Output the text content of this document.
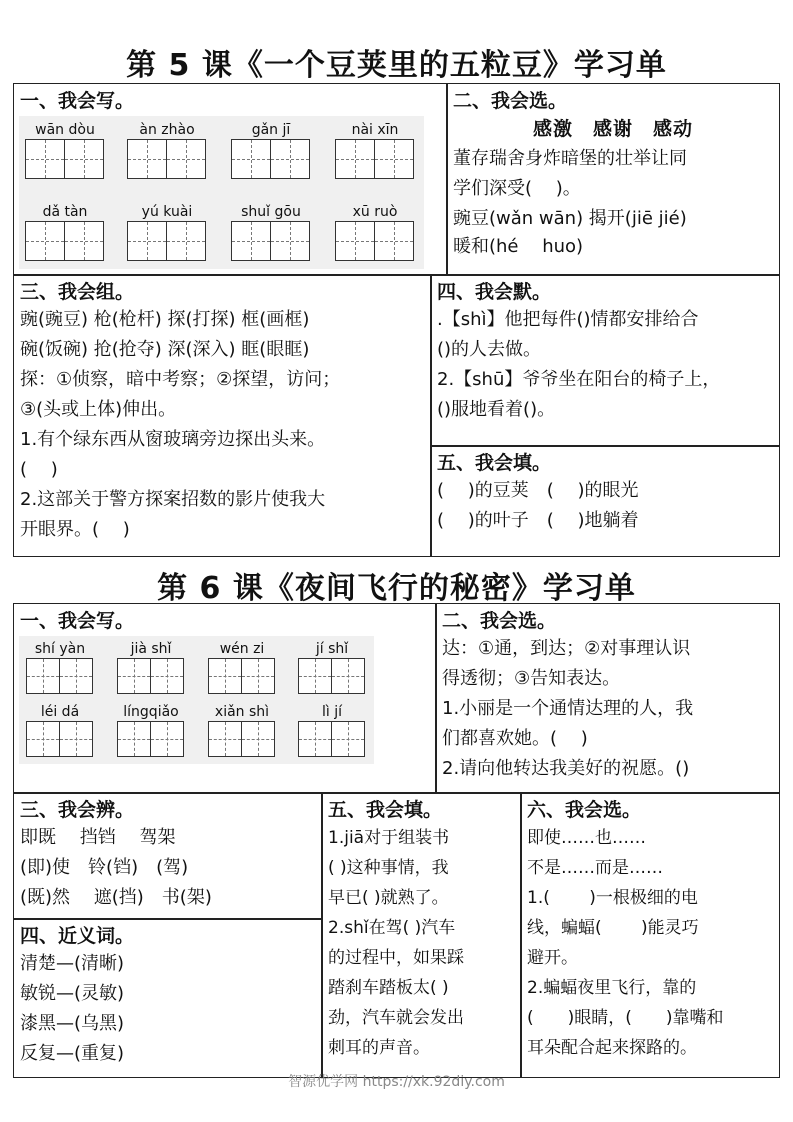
第 5 课《一个豆荚里的五粒豆》学习单
一、我会写。
wān dòu	àn zhào	gǎn jī	nài xīn
dǎ tàn	yú kuài	shuǐ gōu	xū ruò
二、我会选。
感激　感谢　感动
董存瑞舍身炸暗堡的壮举让同
学们深受(　 )。
豌豆(wǎn wān) 揭开(jiē jié)
暖和(hé　 huo)
三、我会组。
豌(豌豆) 枪(枪杆) 探(打探) 框(画框)
碗(饭碗) 抢(抢夺) 深(深入) 眶(眼眶)
探：①侦察，暗中考察；②探望，访问；
③(头或上体)伸出。
1.有个绿东西从窗玻璃旁边探出头来。
(　 )
2.这部关于警方探案招数的影片使我大
开眼界。(　 )
四、我会默。
.【shì】他把每件()情都安排给合
()的人去做。
2.【shū】爷爷坐在阳台的椅子上，
()服地看着()。
五、我会填。
(　 )的豆荚　(　 )的眼光
(　 )的叶子　(　 )地躺着
第 6 课《夜间飞行的秘密》学习单
一、我会写。
shí yàn	jià shǐ	wén zi	jí shǐ
léi dá	língqiǎo	xiǎn shì	lì jí
二、我会选。
达：①通，到达；②对事理认识
得透彻；③告知表达。
1.小丽是一个通情达理的人，我
们都喜欢她。(　 )
2.请向他转达我美好的祝愿。()
三、我会辨。
即既　 挡铛　 驾架
(即)使　铃(铛)　(驾)
(既)然　 遮(挡)　书(架)
四、近义词。
清楚—(清晰)
敏锐—(灵敏)
漆黑—(乌黑)
反复—(重复)
五、我会填。
1.jiā对于组装书
( )这种事情，我
早已( )就熟了。
2.shǐ在驾( )汽车
的过程中，如果踩
踏刹车踏板太( )
劲，汽车就会发出
刺耳的声音。
六、我会选。
即使……也……
不是……而是……
1.(　　 )一根极细的电
线，蝙蝠(　　 )能灵巧
避开。
2.蝙蝠夜里飞行，靠的
(　　)眼睛，(　　)靠嘴和
耳朵配合起来探路的。
智源优学网 https://xk.92diy.com
